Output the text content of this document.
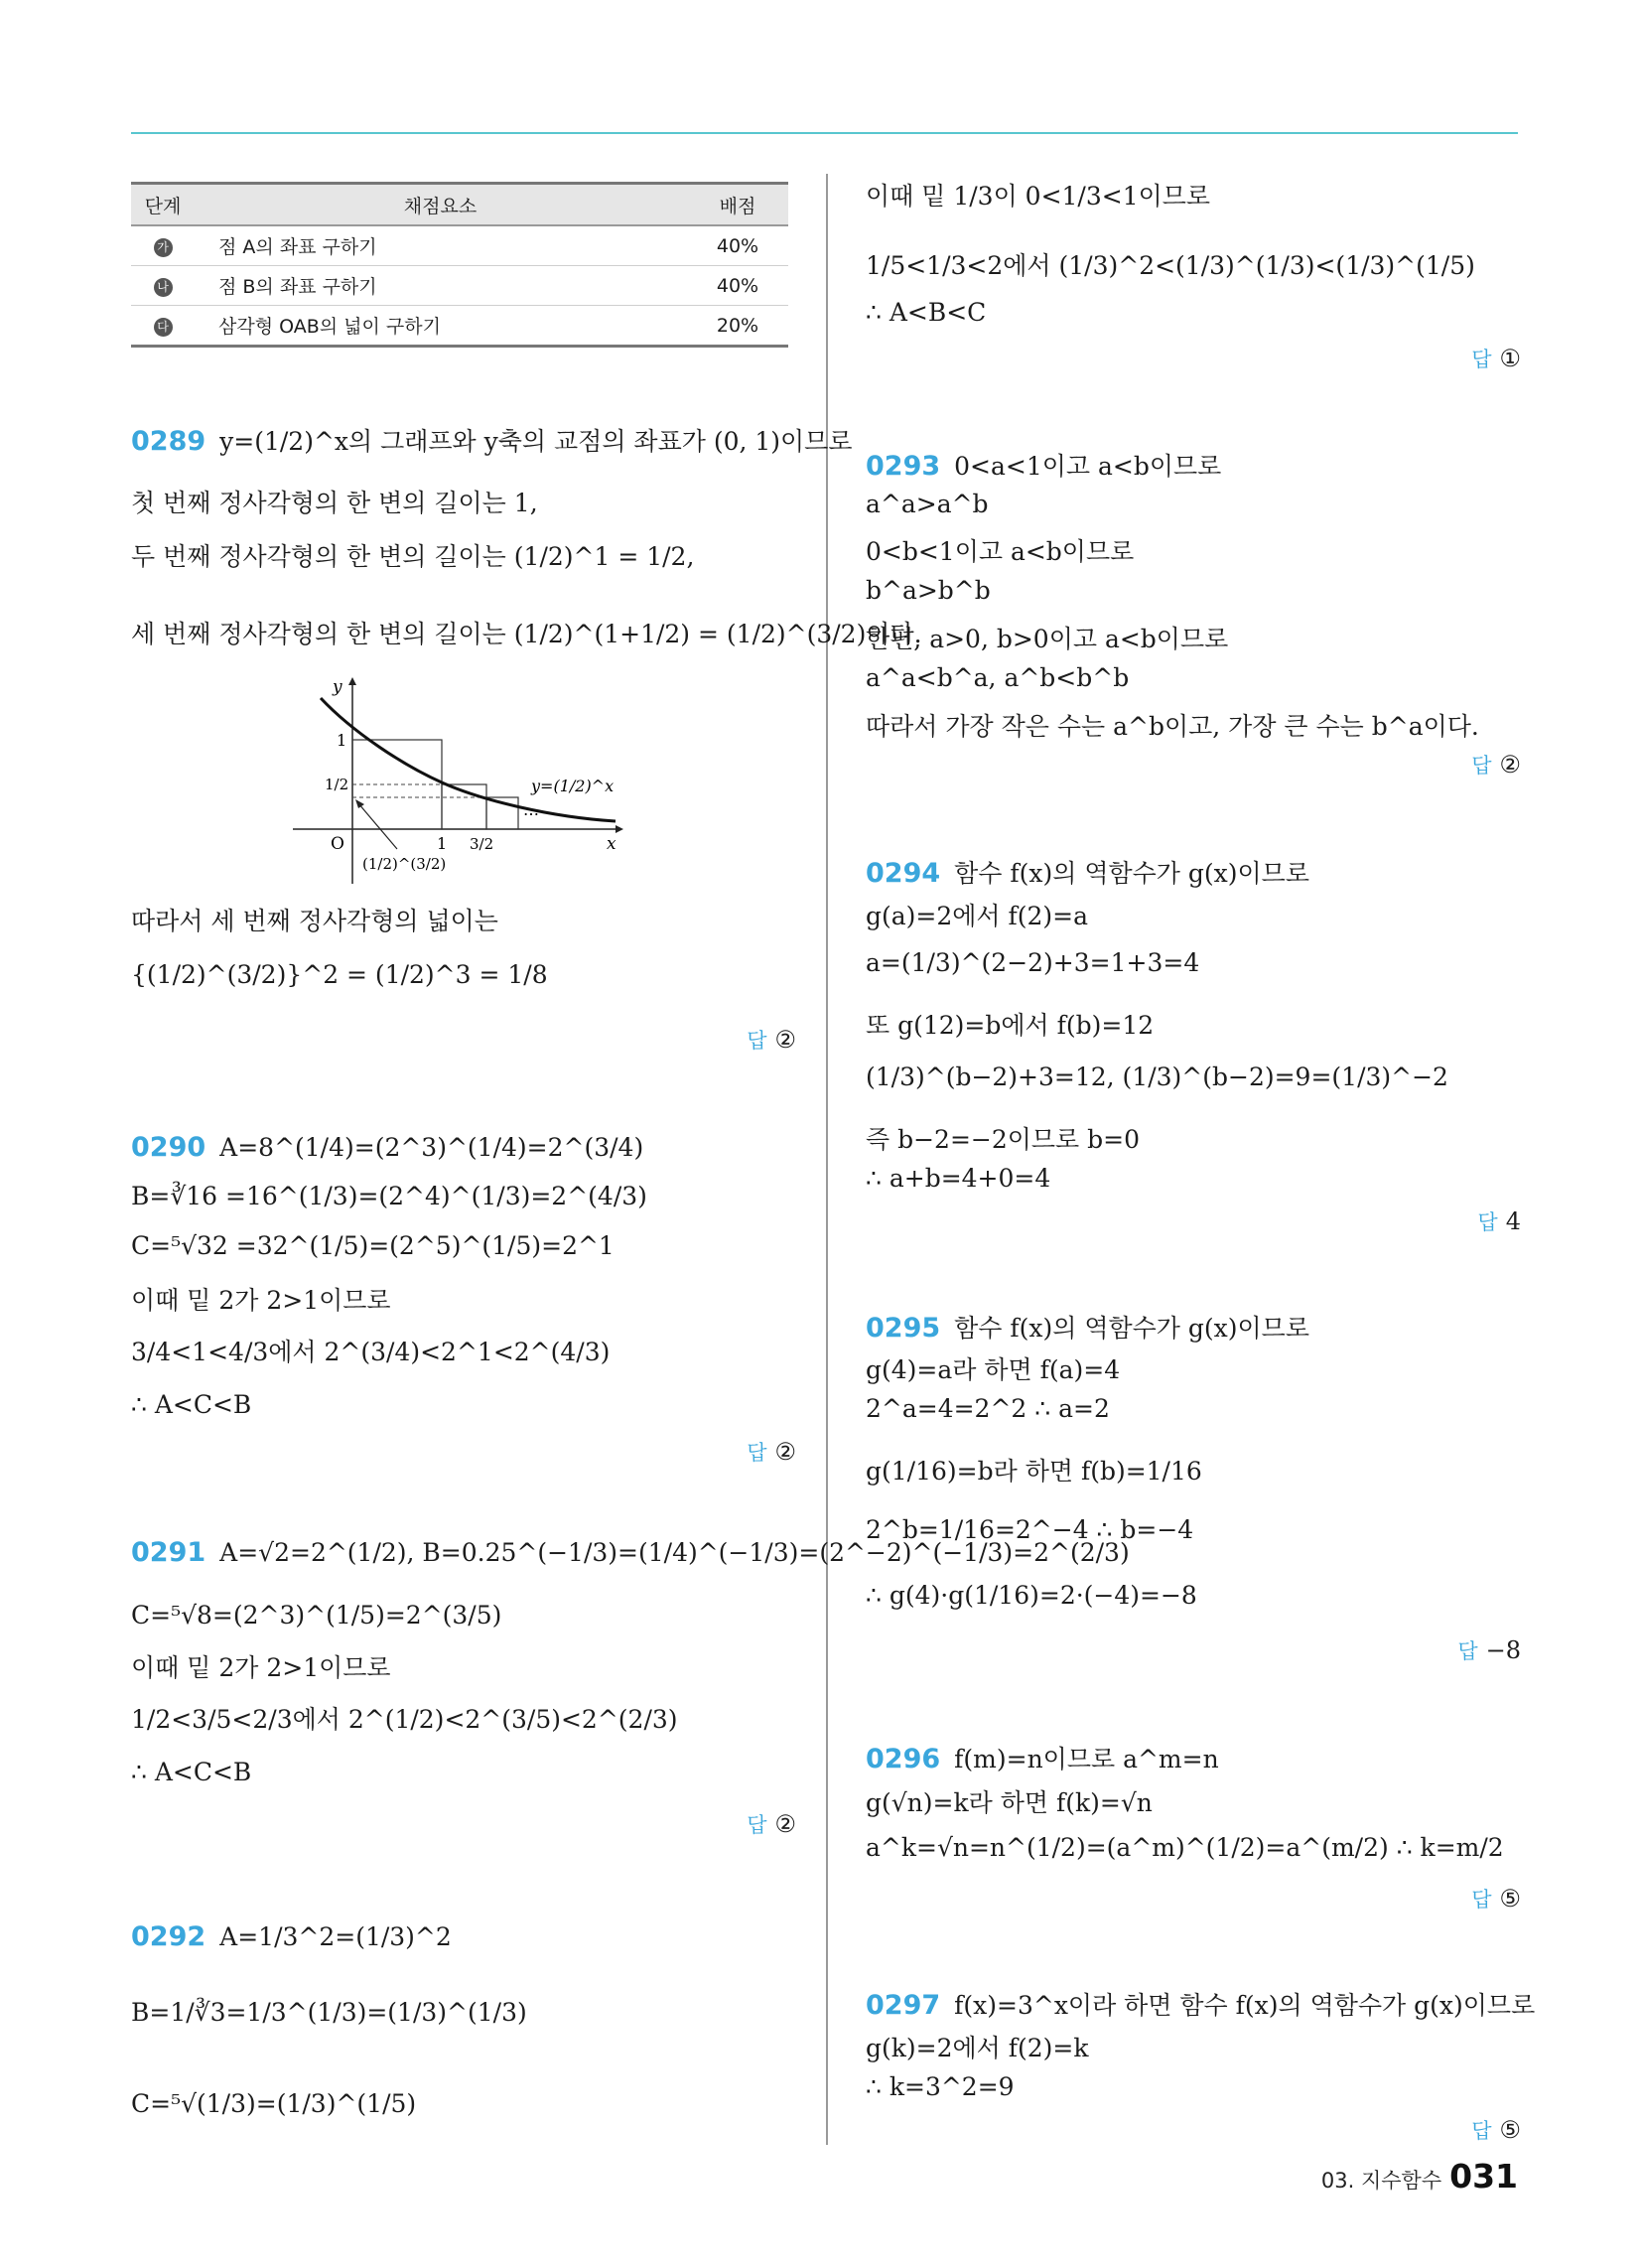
단계	채점요소	배점
가	점 A의 좌표 구하기	40%
나	점 B의 좌표 구하기	40%
다	삼각형 OAB의 넓이 구하기	20%
0289 y=(1/2)^x의 그래프와 y축의 교점의 좌표가 (0, 1)이므로
첫 번째 정사각형의 한 변의 길이는 1,
두 번째 정사각형의 한 변의 길이는 (1/2)^1 = 1/2,
세 번째 정사각형의 한 변의 길이는 (1/2)^(1+1/2) = (1/2)^(3/2)이다.
따라서 세 번째 정사각형의 넓이는
{(1/2)^(3/2)}^2 = (1/2)^3 = 1/8
답 ②
0290 A=8^(1/4)=(2^3)^(1/4)=2^(3/4)
B=∛16 =16^(1/3)=(2^4)^(1/3)=2^(4/3)
C=⁵√32 =32^(1/5)=(2^5)^(1/5)=2^1
이때 밑 2가 2>1이므로
3/4<1<4/3에서 2^(3/4)<2^1<2^(4/3)
∴ A<C<B
답 ②
0291 A=√2=2^(1/2), B=0.25^(−1/3)=(1/4)^(−1/3)=(2^−2)^(−1/3)=2^(2/3)
C=⁵√8=(2^3)^(1/5)=2^(3/5)
이때 밑 2가 2>1이므로
1/2<3/5<2/3에서 2^(1/2)<2^(3/5)<2^(2/3)
∴ A<C<B
답 ②
0292 A=1/3^2=(1/3)^2
B=1/∛3=1/3^(1/3)=(1/3)^(1/3)
C=⁵√(1/3)=(1/3)^(1/5)
y
x
O
1
1/2
1 3/2
…
y=(1/2)^x
(1/2)^(3/2)
이때 밑 1/3이 0<1/3<1이므로
1/5<1/3<2에서 (1/3)^2<(1/3)^(1/3)<(1/3)^(1/5)
∴ A<B<C
답 ①
0293 0<a<1이고 a<b이므로
a^a>a^b
0<b<1이고 a<b이므로
b^a>b^b
한편, a>0, b>0이고 a<b이므로
a^a<b^a, a^b<b^b
따라서 가장 작은 수는 a^b이고, 가장 큰 수는 b^a이다.
답 ②
0294 함수 f(x)의 역함수가 g(x)이므로
g(a)=2에서 f(2)=a
a=(1/3)^(2−2)+3=1+3=4
또 g(12)=b에서 f(b)=12
(1/3)^(b−2)+3=12, (1/3)^(b−2)=9=(1/3)^−2
즉 b−2=−2이므로 b=0
∴ a+b=4+0=4
답 4
0295 함수 f(x)의 역함수가 g(x)이므로
g(4)=a라 하면 f(a)=4
2^a=4=2^2 ∴ a=2
g(1/16)=b라 하면 f(b)=1/16
2^b=1/16=2^−4 ∴ b=−4
∴ g(4)·g(1/16)=2·(−4)=−8
답 −8
0296 f(m)=n이므로 a^m=n
g(√n)=k라 하면 f(k)=√n
a^k=√n=n^(1/2)=(a^m)^(1/2)=a^(m/2) ∴ k=m/2
답 ⑤
0297 f(x)=3^x이라 하면 함수 f(x)의 역함수가 g(x)이므로
g(k)=2에서 f(2)=k
∴ k=3^2=9
답 ⑤
03. 지수함수 031
